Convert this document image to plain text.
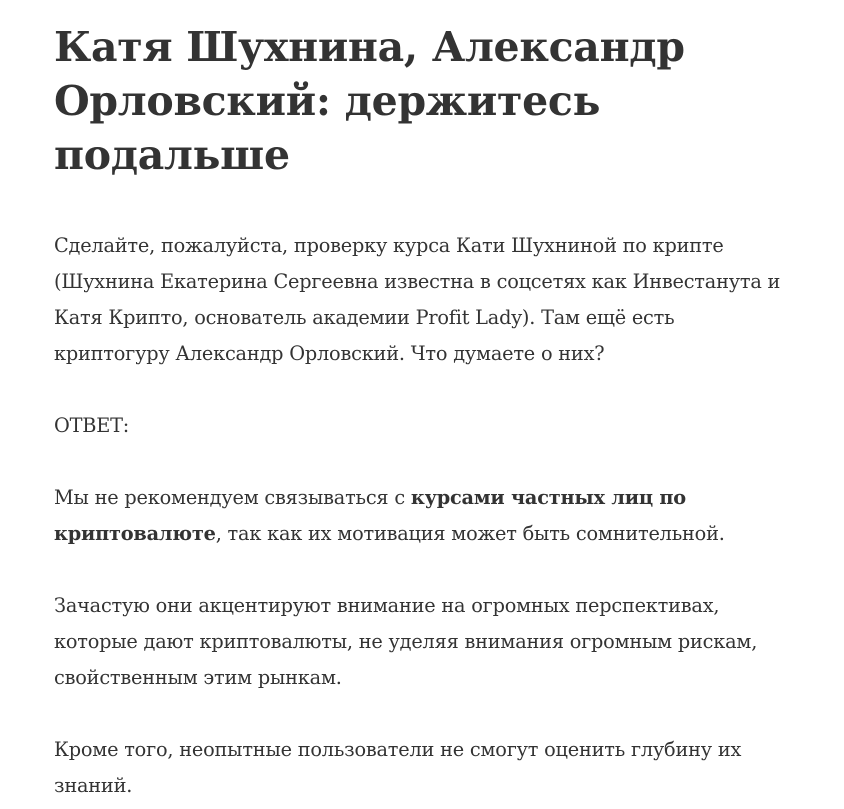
Катя Шухнина, Александр Орловский: держитесь подальше

Сделайте, пожалуйста, проверку курса Кати Шухниной по крипте (Шухнина Екатерина Сергеевна известна в соцсетях как Инвестанута и Катя Крипто, основатель академии Profit Lady). Там ещё есть криптогуру Александр Орловский. Что думаете о них?

ОТВЕТ:

Мы не рекомендуем связываться с курсами частных лиц по криптовалюте, так как их мотивация может быть сомнительной.

Зачастую они акцентируют внимание на огромных перспективах, которые дают криптовалюты, не уделяя внимания огромным рискам, свойственным этим рынкам.

Кроме того, неопытные пользователи не смогут оценить глубину их знаний.
